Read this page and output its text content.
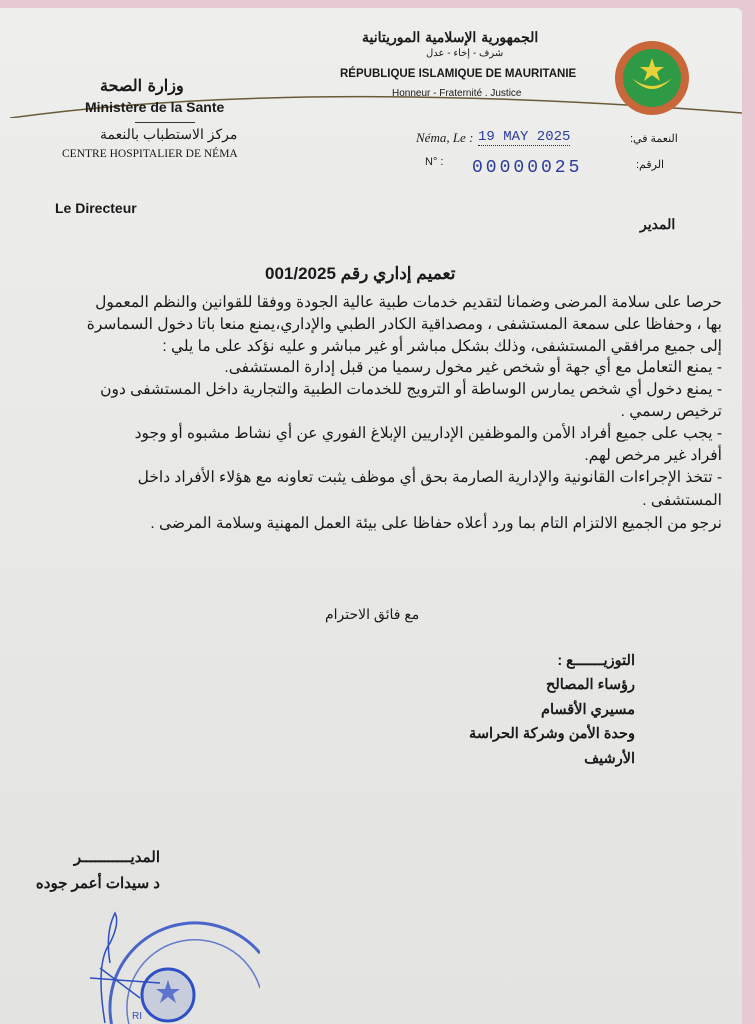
الجمهورية الإسلامية الموريتانية
شرف - إخاء - عدل
RÉPUBLIQUE ISLAMIQUE DE MAURITANIE
Honneur - Fraternité . Justice
وزارة الصحة
Ministère de la Sante
مركز الاستطباب بالنعمة
CENTRE HOSPITALIER DE NÉMA
Néma, Le : 19 MAY 2025	النعمة في:
N° : 00000025	الرقم:
Le Directeur
المدير
تعميم إداري رقم 001/2025
حرصا على سلامة المرضى وضمانا لتقديم خدمات طبية عالية الجودة ووفقا للقوانين والنظم المعمول
بها ، وحفاظا على سمعة المستشفى ، ومصداقية الكادر الطبي والإداري،يمنع منعا باتا دخول السماسرة
إلى جميع مرافقي المستشفى، وذلك بشكل مباشر أو غير مباشر و عليه نؤكد على ما يلي :
- يمنع التعامل مع أي جهة أو شخص غير مخول رسميا من قبل إدارة المستشفى.
- يمنع دخول أي شخص يمارس الوساطة أو الترويج للخدمات الطبية والتجارية داخل المستشفى دون
ترخيص رسمي .
- يجب على جميع أفراد الأمن والموظفين الإداريين الإبلاغ الفوري عن أي نشاط مشبوه أو وجود
أفراد غير مرخص لهم.
- تتخذ الإجراءات القانونية والإدارية الصارمة بحق أي موظف يثبت تعاونه مع هؤلاء الأفراد داخل
المستشفى .
نرجو من الجميع الالتزام التام بما ورد أعلاه حفاظا على بيئة العمل المهنية وسلامة المرضى .
مع فائق الاحترام
التوزيـــــــع :
رؤساء المصالح
مسيري الأقسام
وحدة الأمن وشركة الحراسة
الأرشيف
المديـــــــــــر
د سيدات أعمر جوده
RI
